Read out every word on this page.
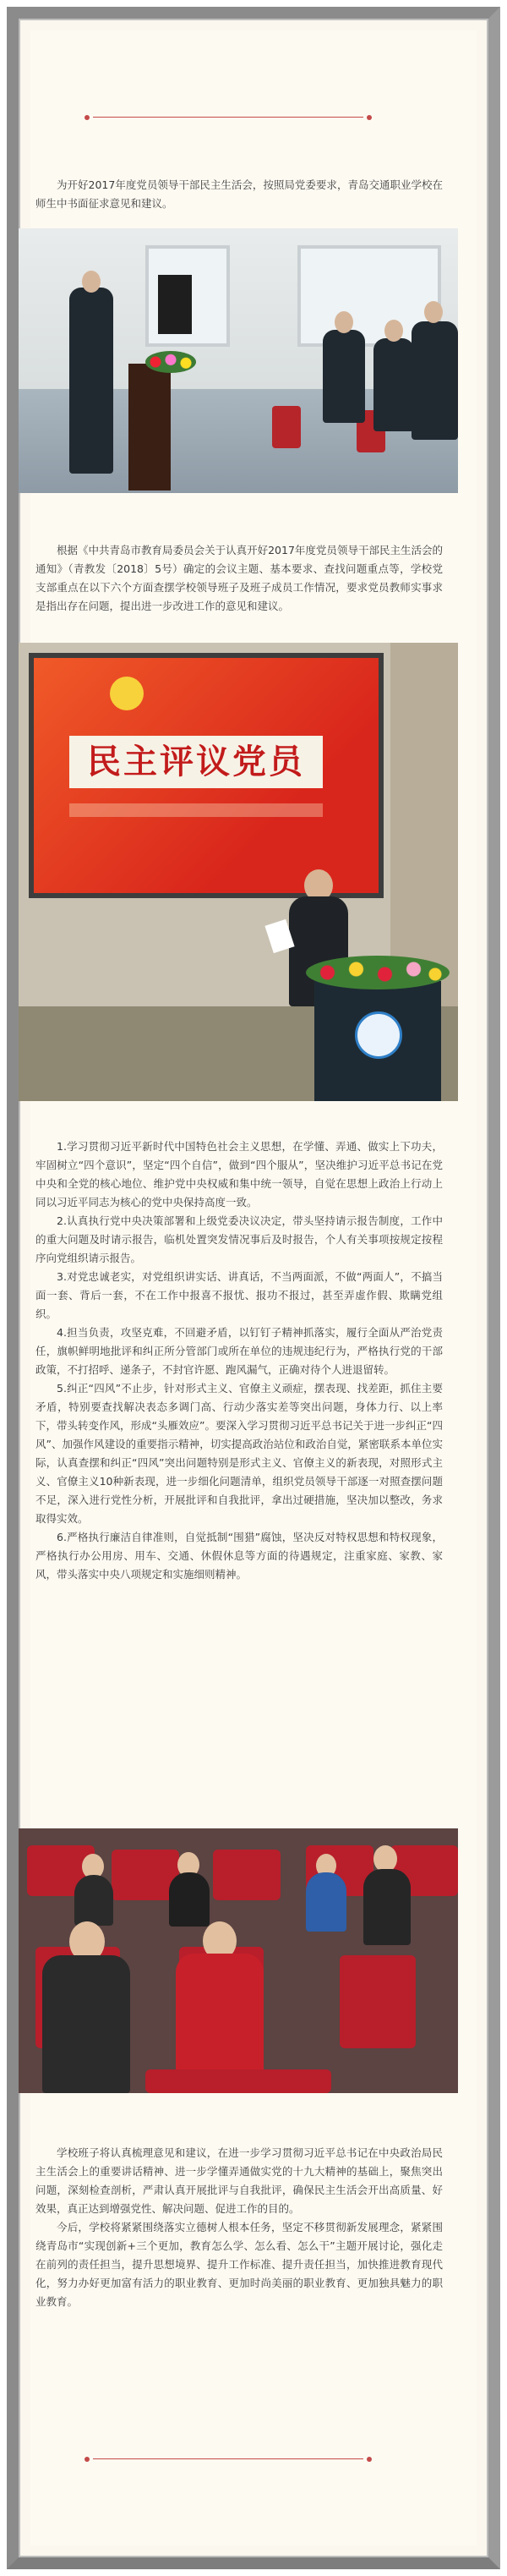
为开好2017年度党员领导干部民主生活会，按照局党委要求，青岛交通职业学校在师生中书面征求意见和建议。

根据《中共青岛市教育局委员会关于认真开好2017年度党员领导干部民主生活会的通知》（青教发〔2018〕5号）确定的会议主题、基本要求、查找问题重点等，学校党支部重点在以下六个方面查摆学校领导班子及班子成员工作情况，要求党员教师实事求是指出存在问题，提出进一步改进工作的意见和建议。

民主评议党员

1.学习贯彻习近平新时代中国特色社会主义思想，在学懂、弄通、做实上下功夫，牢固树立“四个意识”，坚定“四个自信”，做到“四个服从”，坚决维护习近平总书记在党中央和全党的核心地位、维护党中央权威和集中统一领导，自觉在思想上政治上行动上同以习近平同志为核心的党中央保持高度一致。

2.认真执行党中央决策部署和上级党委决议决定，带头坚持请示报告制度，工作中的重大问题及时请示报告，临机处置突发情况事后及时报告，个人有关事项按规定按程序向党组织请示报告。

3.对党忠诚老实，对党组织讲实话、讲真话，不当两面派，不做“两面人”，不搞当面一套、背后一套，不在工作中报喜不报忧、报功不报过，甚至弄虚作假、欺瞒党组织。

4.担当负责，攻坚克难，不回避矛盾，以钉钉子精神抓落实，履行全面从严治党责任，旗帜鲜明地批评和纠正所分管部门或所在单位的违规违纪行为，严格执行党的干部政策，不打招呼、递条子，不封官许愿、跑风漏气，正确对待个人进退留转。

5.纠正“四风”不止步，针对形式主义、官僚主义顽症，摆表现、找差距，抓住主要矛盾，特别要查找解决表态多调门高、行动少落实差等突出问题，身体力行、以上率下，带头转变作风，形成“头雁效应”。要深入学习贯彻习近平总书记关于进一步纠正“四风”、加强作风建设的重要指示精神，切实提高政治站位和政治自觉，紧密联系本单位实际，认真查摆和纠正“四风”突出问题特别是形式主义、官僚主义的新表现，对照形式主义、官僚主义10种新表现，进一步细化问题清单，组织党员领导干部逐一对照查摆问题不足，深入进行党性分析，开展批评和自我批评，拿出过硬措施，坚决加以整改，务求取得实效。

6.严格执行廉洁自律准则，自觉抵制“围猎”腐蚀，坚决反对特权思想和特权现象，严格执行办公用房、用车、交通、休假休息等方面的待遇规定，注重家庭、家教、家风，带头落实中央八项规定和实施细则精神。

学校班子将认真梳理意见和建议，在进一步学习贯彻习近平总书记在中央政治局民主生活会上的重要讲话精神、进一步学懂弄通做实党的十九大精神的基础上，聚焦突出问题，深刻检查剖析，严肃认真开展批评与自我批评，确保民主生活会开出高质量、好效果，真正达到增强党性、解决问题、促进工作的目的。

今后，学校将紧紧围绕落实立德树人根本任务，坚定不移贯彻新发展理念，紧紧围绕青岛市“实现创新+三个更加，教育怎么学、怎么看、怎么干”主题开展讨论，强化走在前列的责任担当，提升思想境界、提升工作标准、提升责任担当，加快推进教育现代化，努力办好更加富有活力的职业教育、更加时尚美丽的职业教育、更加独具魅力的职业教育。
